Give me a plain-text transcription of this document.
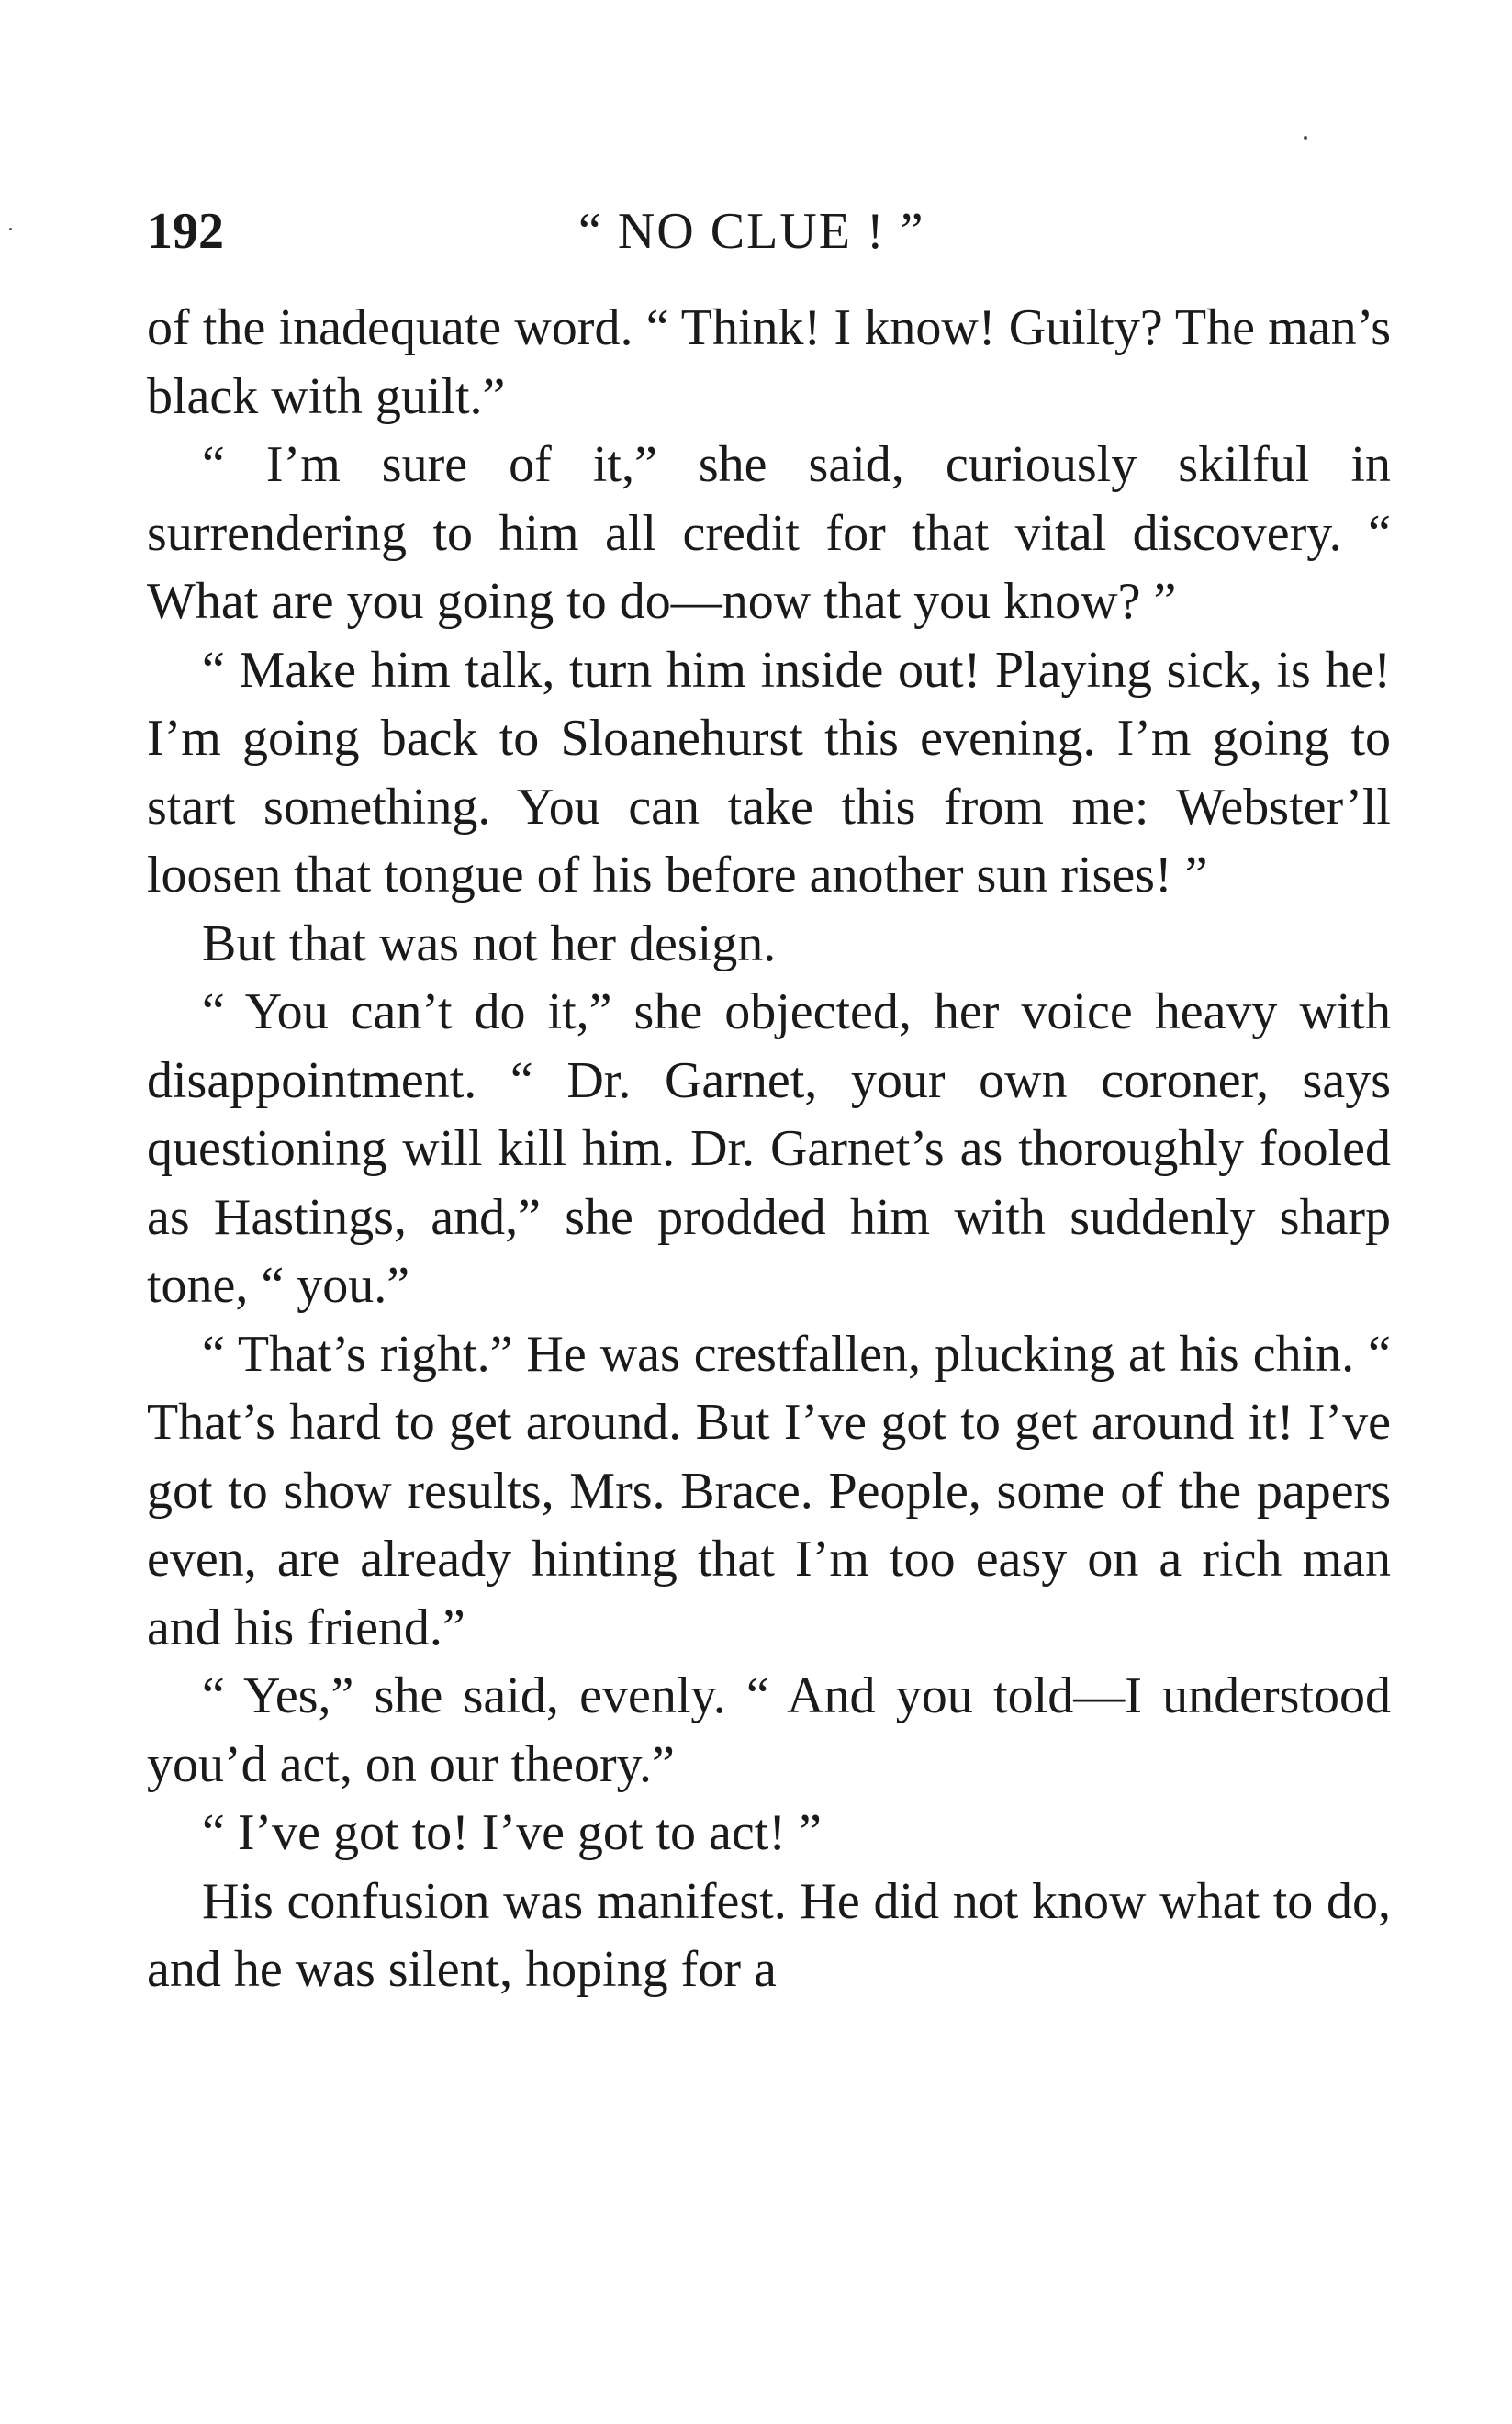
192	“ NO CLUE ! ”

of the inadequate word. “ Think! I know! Guilty? The man’s black with guilt.”

“ I’m sure of it,” she said, curiously skilful in surrendering to him all credit for that vital discovery. “ What are you going to do—now that you know? ”

“ Make him talk, turn him inside out! Playing sick, is he! I’m going back to Sloanehurst this evening. I’m going to start something. You can take this from me: Webster’ll loosen that tongue of his before another sun rises! ”

But that was not her design.

“ You can’t do it,” she objected, her voice heavy with disappointment. “ Dr. Garnet, your own coroner, says questioning will kill him. Dr. Garnet’s as thoroughly fooled as Hastings, and,” she prodded him with suddenly sharp tone, “ you.”

“ That’s right.” He was crestfallen, plucking at his chin. “ That’s hard to get around. But I’ve got to get around it! I’ve got to show results, Mrs. Brace. People, some of the papers even, are already hinting that I’m too easy on a rich man and his friend.”

“ Yes,” she said, evenly. “ And you told—I understood you’d act, on our theory.”

“ I’ve got to! I’ve got to act! ”

His confusion was manifest. He did not know what to do, and he was silent, hoping for a
